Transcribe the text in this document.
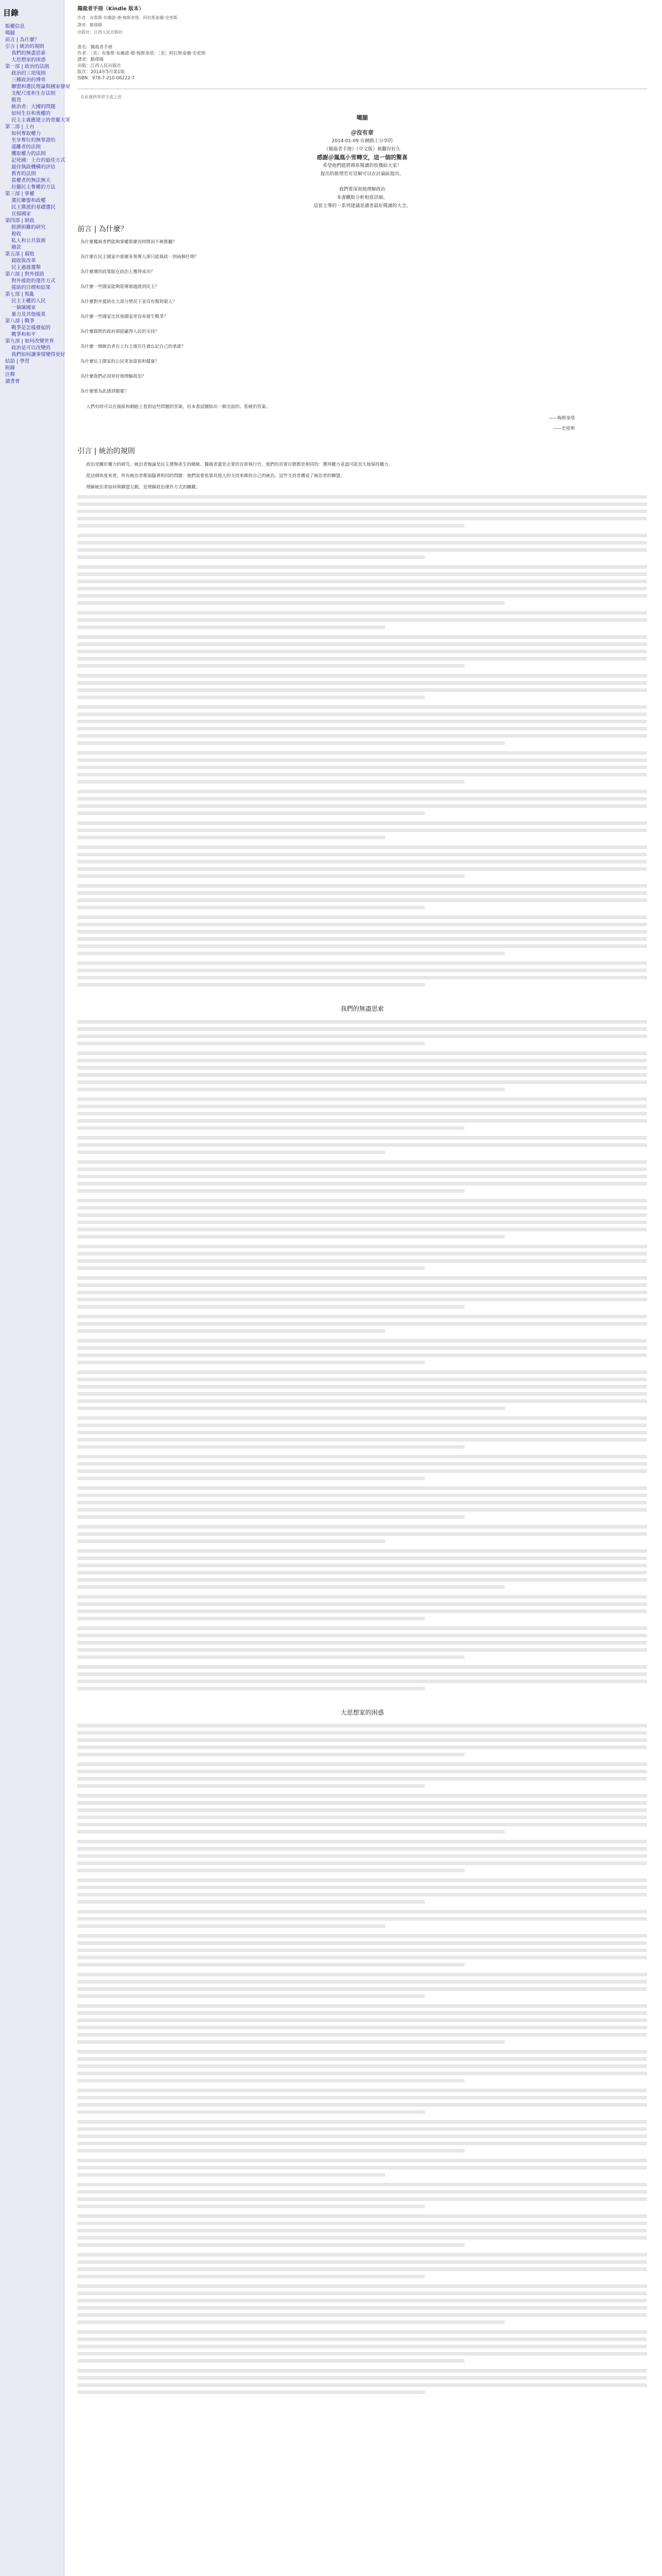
目錄
版權信息
噶腿
前言 | 為什麼？
引言 | 統治的規則
我們的無盡思索
大思想家的困惑
第一部 | 政治的法則
政治的三項規則
三種政治的博弈
聯盟和選民理論與國家發展
支配尺度和生存法則
敬畏
統治者：大國的問題
如何生存和喪權的
民主主義應建立的普羅大眾
第二部 | 上台
如何奪取權力
坐享奪位的無罪證的
遠離者的法則
攫取權力的法則
記死國：上台的最佳方式
最佳執政機構的評估
教育的法則
當權者的無法無天
拉攏民主奪權的方法
第三部 | 掌權
選民聯盟和政權
民主黨派的基礎選民
宣揚國家
第四部 | 財政
經濟困難的研究
稅收
私人和公共資源
撥款
第五部 | 腐敗
腐敗與改革
民主過渡選舉
第六部 | 對外援助
對外援助的運作方式
援助的目標和結果
第七部 | 叛亂
民主主權的人民
一個壞國家
暴力及其他後果
第八部 | 戰爭
戰爭是怎樣發起的
戰爭和和平
第九部 | 如何改變世界
政治是可以改變的
我們如何讓事情變得更好
結語 | 學習
附錄
注釋
讀書會
獨裁者手冊（Kindle 版本）
作者：布魯斯·布爾諾·德·梅斯奎塔、阿拉斯泰爾·史密斯
譯者：駱偉陽
出版社：江西人民出版社

書名：獨裁者手冊

作者：［美］布魯斯·布爾諾·德·梅斯奎塔；［美］阿拉斯泰爾·史密斯

譯者：駱偉陽

出版：江西人民出版社

版次：2014年5月第1版

ISBN：978-7-210-06222-7

在此僅供學習交流之用
噶腿
＠沒有章
2014-01-09 在網路上分享的
《獨裁者手冊》（中文版）被翻存好久
感謝＠鳳凰小雪轉交，這一個的驚喜
希望他們能將佛系閱讀的收獲給大家！
提出的推理若有見解可以在討論區提出。
我們要深刻地理解政治
本書觀點分析相當詳細。
這套主導的一系列建議是讀者最好閱讀的大全。
前言 | 為什麼？

為什麼獨裁者們能夠掌權那麼長時間而不被推翻？

為什麼在民主國家中那麼多領導人卻只能執政一到兩個任期？

為什麼壞的政策能在政治上獲得成功？

為什麼一些國家能夠從專制過渡到民主？

為什麼對外援助在大部分情況下並沒有幫助窮人？

為什麼一些國家比其他國家更容易發生戰爭？

為什麼腐敗的政府卻能贏得人民的支持？

為什麼一個統治者在上台之後往往會忘記自己的承諾？

為什麼民主國家的公民更加富裕和健康？

為什麼我們必須更好地理解政治？

為什麼要為此感到擔憂？

人們有時可以在報紙和網路上看到這些問題的答案。但本書試圖給出一個全面的、系統的答案。

——梅斯奎塔
——史密斯
引言 | 統治的規則

政治是關於權力的研究。統治者無論是民主選舉產生的總統、獨裁者還是企業的首席執行官，他們的首要目標都是相同的：獲得權力並盡可能長久地保持權力。

從這個角度來看，所有統治者都面臨著相同的問題：他們需要依靠其他人的支持來維持自己的統治。這些支持者構成了統治者的聯盟。

理解統治者如何與聯盟互動，是理解政治運作方式的關鍵。

我們的無盡思索
大思想家的困惑
